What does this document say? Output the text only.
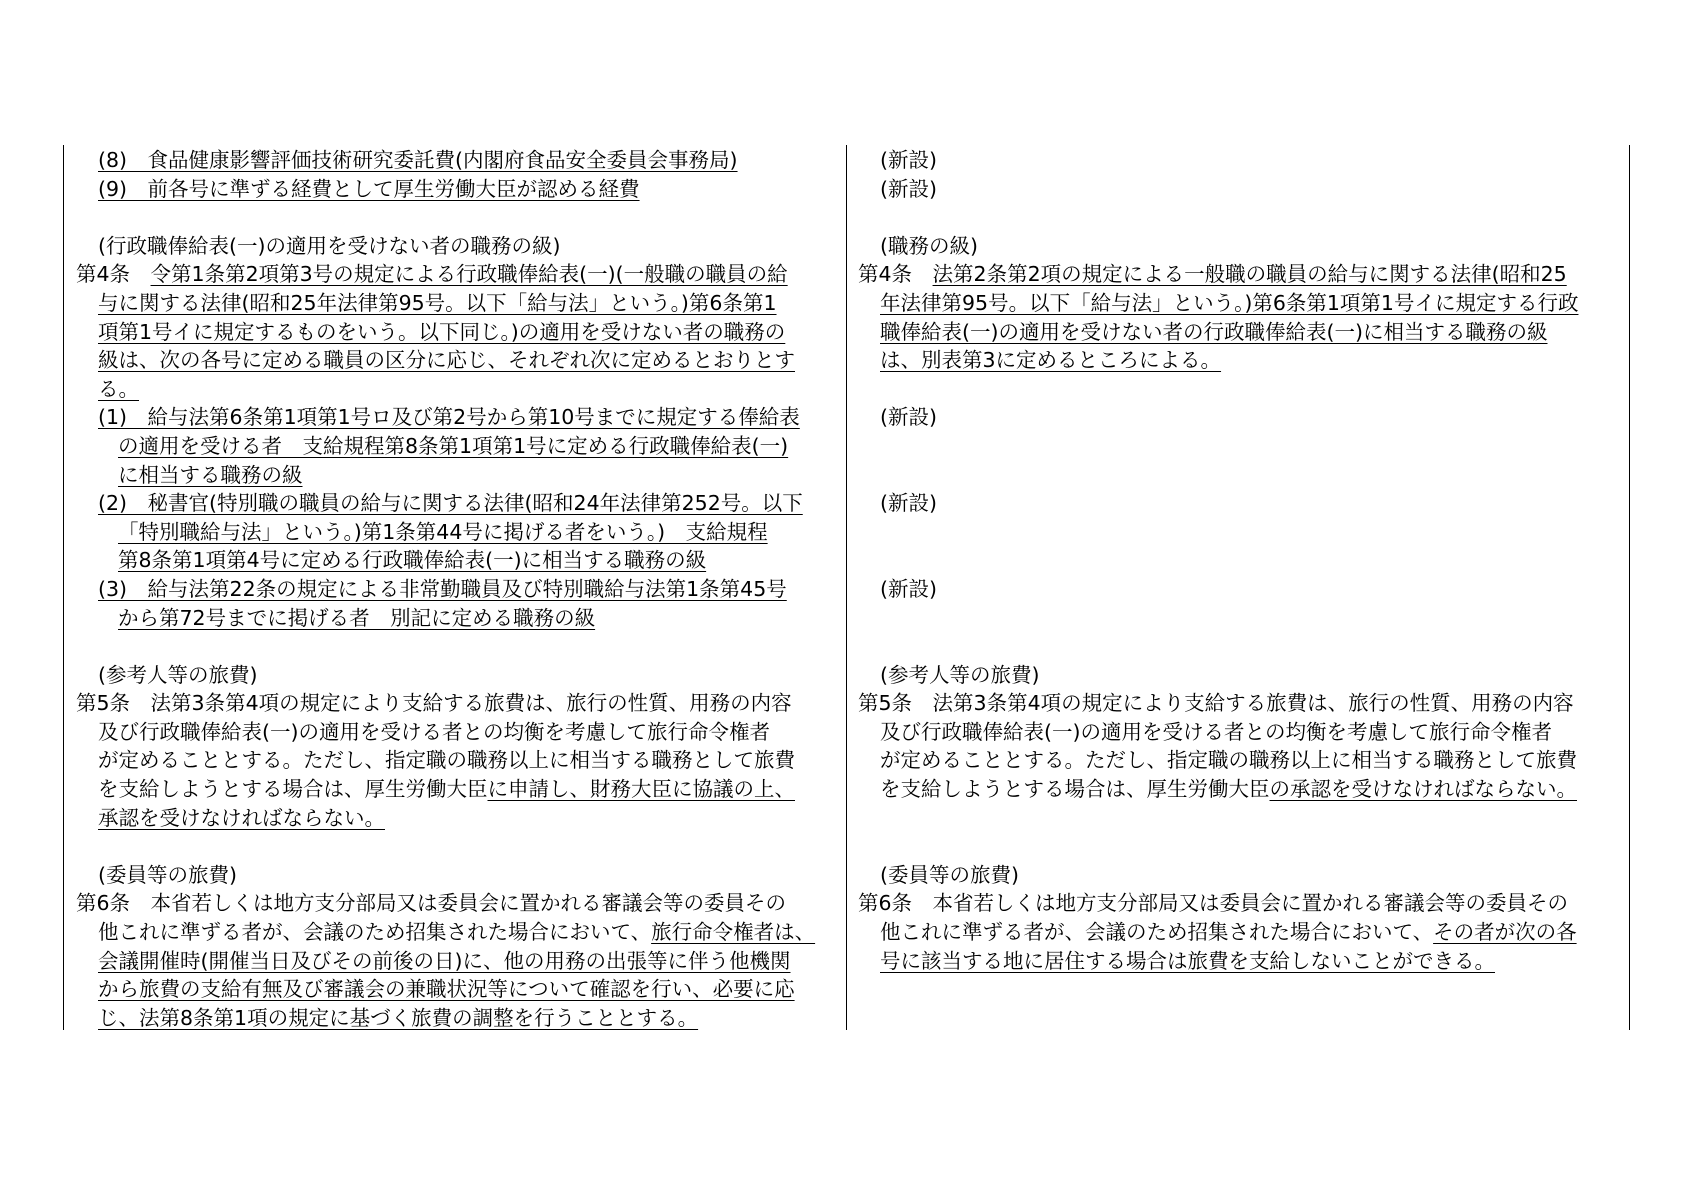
(8)　食品健康影響評価技術研究委託費(内閣府食品安全委員会事務局)
(9)　前各号に準ずる経費として厚生労働大臣が認める経費
(行政職俸給表(一)の適用を受けない者の職務の級)
第4条　令第1条第2項第3号の規定による行政職俸給表(一)(一般職の職員の給
与に関する法律(昭和25年法律第95号。以下「給与法」という。)第6条第1
項第1号イに規定するものをいう。以下同じ。)の適用を受けない者の職務の
級は、次の各号に定める職員の区分に応じ、それぞれ次に定めるとおりとす
る。
(1)　給与法第6条第1項第1号ロ及び第2号から第10号までに規定する俸給表
の適用を受ける者　支給規程第8条第1項第1号に定める行政職俸給表(一)
に相当する職務の級
(2)　秘書官(特別職の職員の給与に関する法律(昭和24年法律第252号。以下
「特別職給与法」という。)第1条第44号に掲げる者をいう。)　支給規程
第8条第1項第4号に定める行政職俸給表(一)に相当する職務の級
(3)　給与法第22条の規定による非常勤職員及び特別職給与法第1条第45号
から第72号までに掲げる者　別記に定める職務の級
(参考人等の旅費)
第5条　法第3条第4項の規定により支給する旅費は、旅行の性質、用務の内容
及び行政職俸給表(一)の適用を受ける者との均衡を考慮して旅行命令権者
が定めることとする。ただし、指定職の職務以上に相当する職務として旅費
を支給しようとする場合は、厚生労働大臣に申請し、財務大臣に協議の上、
承認を受けなければならない。
(委員等の旅費)
第6条　本省若しくは地方支分部局又は委員会に置かれる審議会等の委員その
他これに準ずる者が、会議のため招集された場合において、旅行命令権者は、
会議開催時(開催当日及びその前後の日)に、他の用務の出張等に伴う他機関
から旅費の支給有無及び審議会の兼職状況等について確認を行い、必要に応
じ、法第8条第1項の規定に基づく旅費の調整を行うこととする。
(新設)
(新設)
(職務の級)
第4条　法第2条第2項の規定による一般職の職員の給与に関する法律(昭和25
年法律第95号。以下「給与法」という。)第6条第1項第1号イに規定する行政
職俸給表(一)の適用を受けない者の行政職俸給表(一)に相当する職務の級
は、別表第3に定めるところによる。
(新設)
(新設)
(新設)
(参考人等の旅費)
第5条　法第3条第4項の規定により支給する旅費は、旅行の性質、用務の内容
及び行政職俸給表(一)の適用を受ける者との均衡を考慮して旅行命令権者
が定めることとする。ただし、指定職の職務以上に相当する職務として旅費
を支給しようとする場合は、厚生労働大臣の承認を受けなければならない。
(委員等の旅費)
第6条　本省若しくは地方支分部局又は委員会に置かれる審議会等の委員その
他これに準ずる者が、会議のため招集された場合において、その者が次の各
号に該当する地に居住する場合は旅費を支給しないことができる。
